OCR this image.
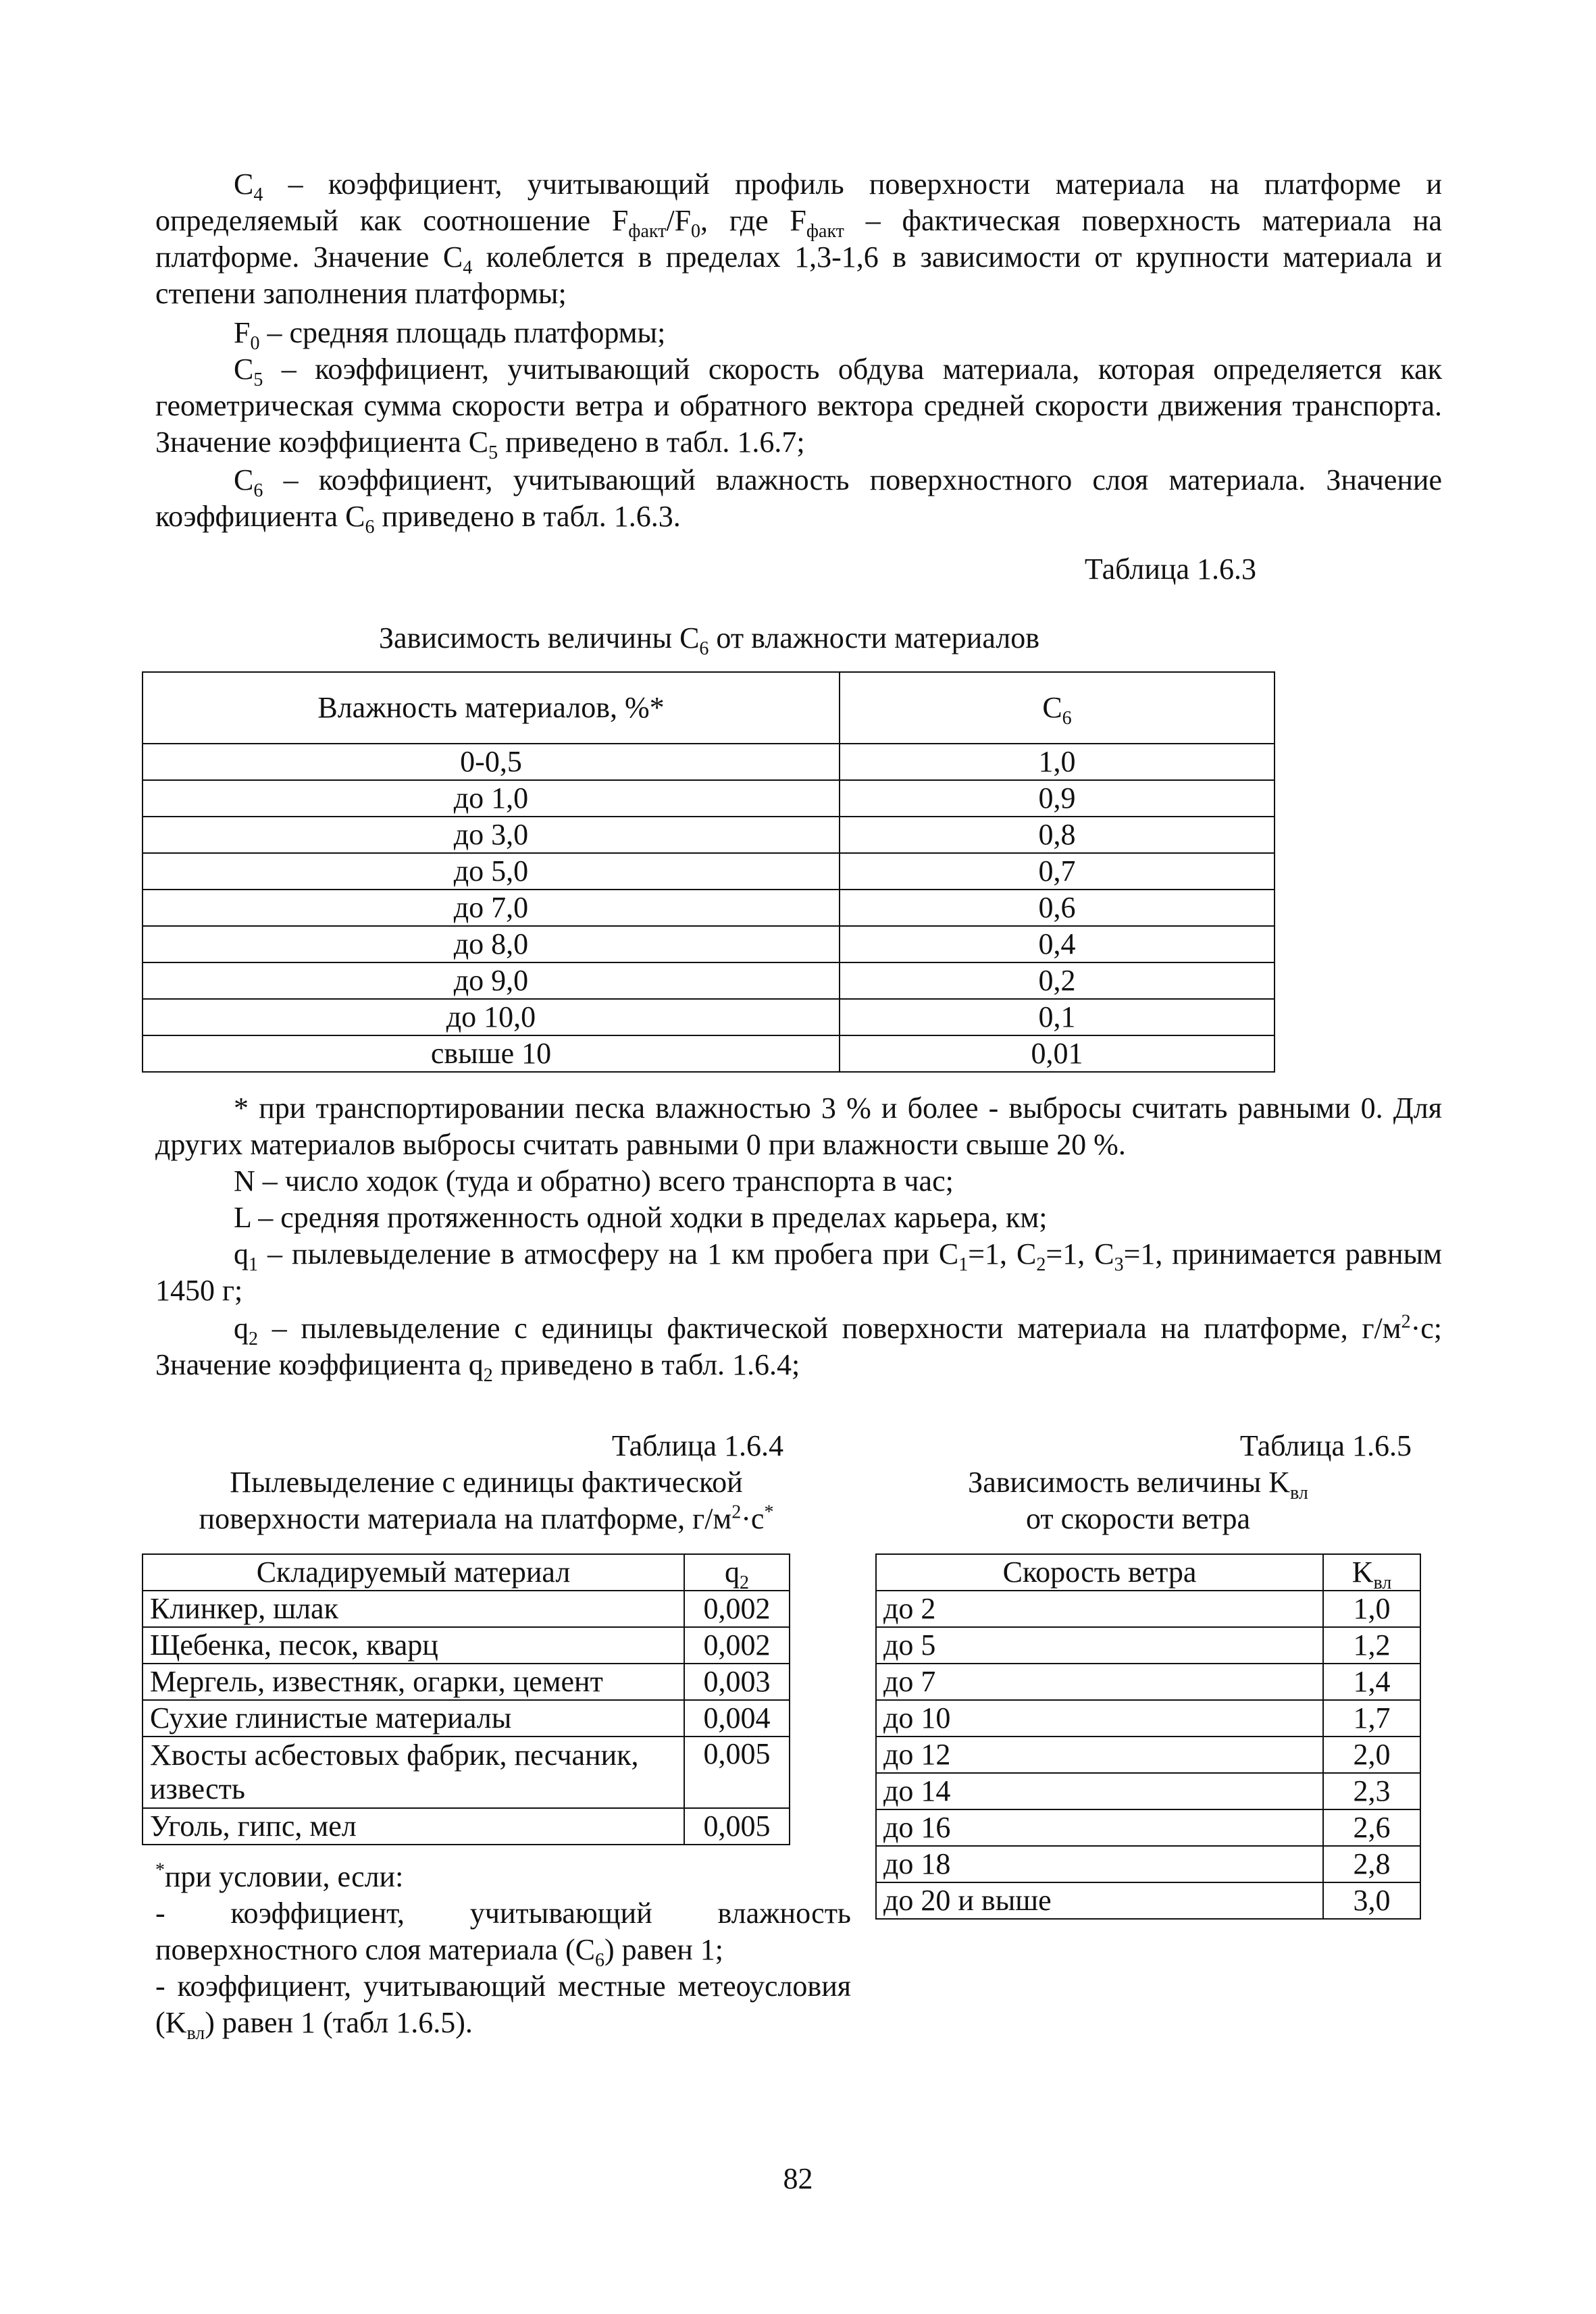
$C_4$ – коэффициент, учитывающий профиль поверхности материала на платформе и определяемый как соотношение $F_{факт}/F_0$, где $F_{факт}$ – фактическая поверхность материала на платформе. Значение $C_4$ колеблется в пределах 1,3-1,6 в зависимости от крупности материала и степени заполнения платформы;

$F_0$ – средняя площадь платформы;

$C_5$ – коэффициент, учитывающий скорость обдува материала, которая определяется как геометрическая сумма скорости ветра и обратного вектора средней скорости движения транспорта. Значение коэффициента $C_5$ приведено в табл. 1.6.7;

$C_6$ – коэффициент, учитывающий влажность поверхностного слоя материала. Значение коэффициента $C_6$ приведено в табл. 1.6.3.

Таблица 1.6.3
Зависимость величины $C_6$ от влажности материалов
Влажность материалов, %*	$C_6$
0-0,5	1,0
до 1,0	0,9
до 3,0	0,8
до 5,0	0,7
до 7,0	0,6
до 8,0	0,4
до 9,0	0,2
до 10,0	0,1
свыше 10	0,01

* при транспортировании песка влажностью 3 % и более - выбросы считать равными 0. Для других материалов выбросы считать равными 0 при влажности свыше 20 %.

N – число ходок (туда и обратно) всего транспорта в час;

L – средняя протяженность одной ходки в пределах карьера, км;

$q_1$ – пылевыделение в атмосферу на 1 км пробега при $C_1=1$, $C_2=1$, $C_3=1$, принимается равным 1450 г;

$q_2$ – пылевыделение с единицы фактической поверхности материала на платформе, $г/м^2\cdot с$; Значение коэффициента $q_2$ приведено в табл. 1.6.4;

Таблица 1.6.4
Пылевыделение с единицы фактической поверхности материала на платформе, $г/м^2\cdot с^*$
Складируемый материал	$q_2$
Клинкер, шлак	0,002
Щебенка, песок, кварц	0,002
Мергель, известняк, огарки, цемент	0,003
Сухие глинистые материалы	0,004
Хвосты асбестовых фабрик, песчаник, известь	0,005
Уголь, гипс, мел	0,005
*при условии, если:
- коэффициент, учитывающий влажность поверхностного слоя материала $(C_6)$ равен 1;
- коэффициент, учитывающий местные метеоусловия $(K_{вл})$ равен 1 (табл 1.6.5).
Таблица 1.6.5
Зависимость величины $K_{вл}$
от скорости ветра
Скорость ветра	$K_{вл}$
до 2	1,0
до 5	1,2
до 7	1,4
до 10	1,7
до 12	2,0
до 14	2,3
до 16	2,6
до 18	2,8
до 20 и выше	3,0
82
